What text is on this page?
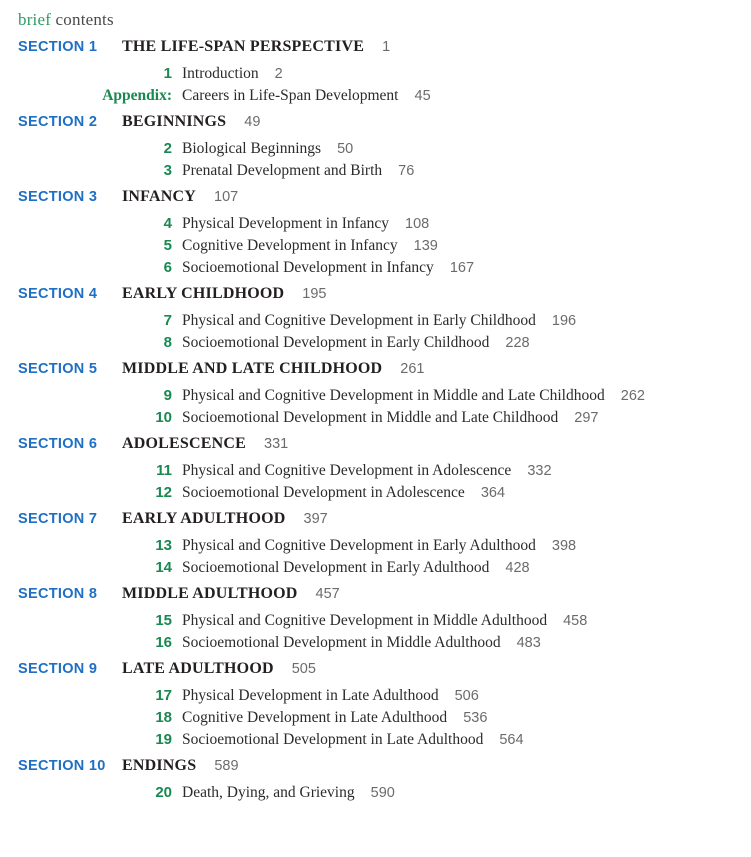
brief contents
SECTION 1	THE LIFE-SPAN PERSPECTIVE 1
1 Introduction 2
Appendix: Careers in Life-Span Development 45
SECTION 2	BEGINNINGS 49
2 Biological Beginnings 50
3 Prenatal Development and Birth 76
SECTION 3	INFANCY 107
4 Physical Development in Infancy 108
5 Cognitive Development in Infancy 139
6 Socioemotional Development in Infancy 167
SECTION 4	EARLY CHILDHOOD 195
7 Physical and Cognitive Development in Early Childhood 196
8 Socioemotional Development in Early Childhood 228
SECTION 5	MIDDLE AND LATE CHILDHOOD 261
9 Physical and Cognitive Development in Middle and Late Childhood 262
10 Socioemotional Development in Middle and Late Childhood 297
SECTION 6	ADOLESCENCE 331
11 Physical and Cognitive Development in Adolescence 332
12 Socioemotional Development in Adolescence 364
SECTION 7	EARLY ADULTHOOD 397
13 Physical and Cognitive Development in Early Adulthood 398
14 Socioemotional Development in Early Adulthood 428
SECTION 8	MIDDLE ADULTHOOD 457
15 Physical and Cognitive Development in Middle Adulthood 458
16 Socioemotional Development in Middle Adulthood 483
SECTION 9	LATE ADULTHOOD 505
17 Physical Development in Late Adulthood 506
18 Cognitive Development in Late Adulthood 536
19 Socioemotional Development in Late Adulthood 564
SECTION 10	ENDINGS 589
20 Death, Dying, and Grieving 590
